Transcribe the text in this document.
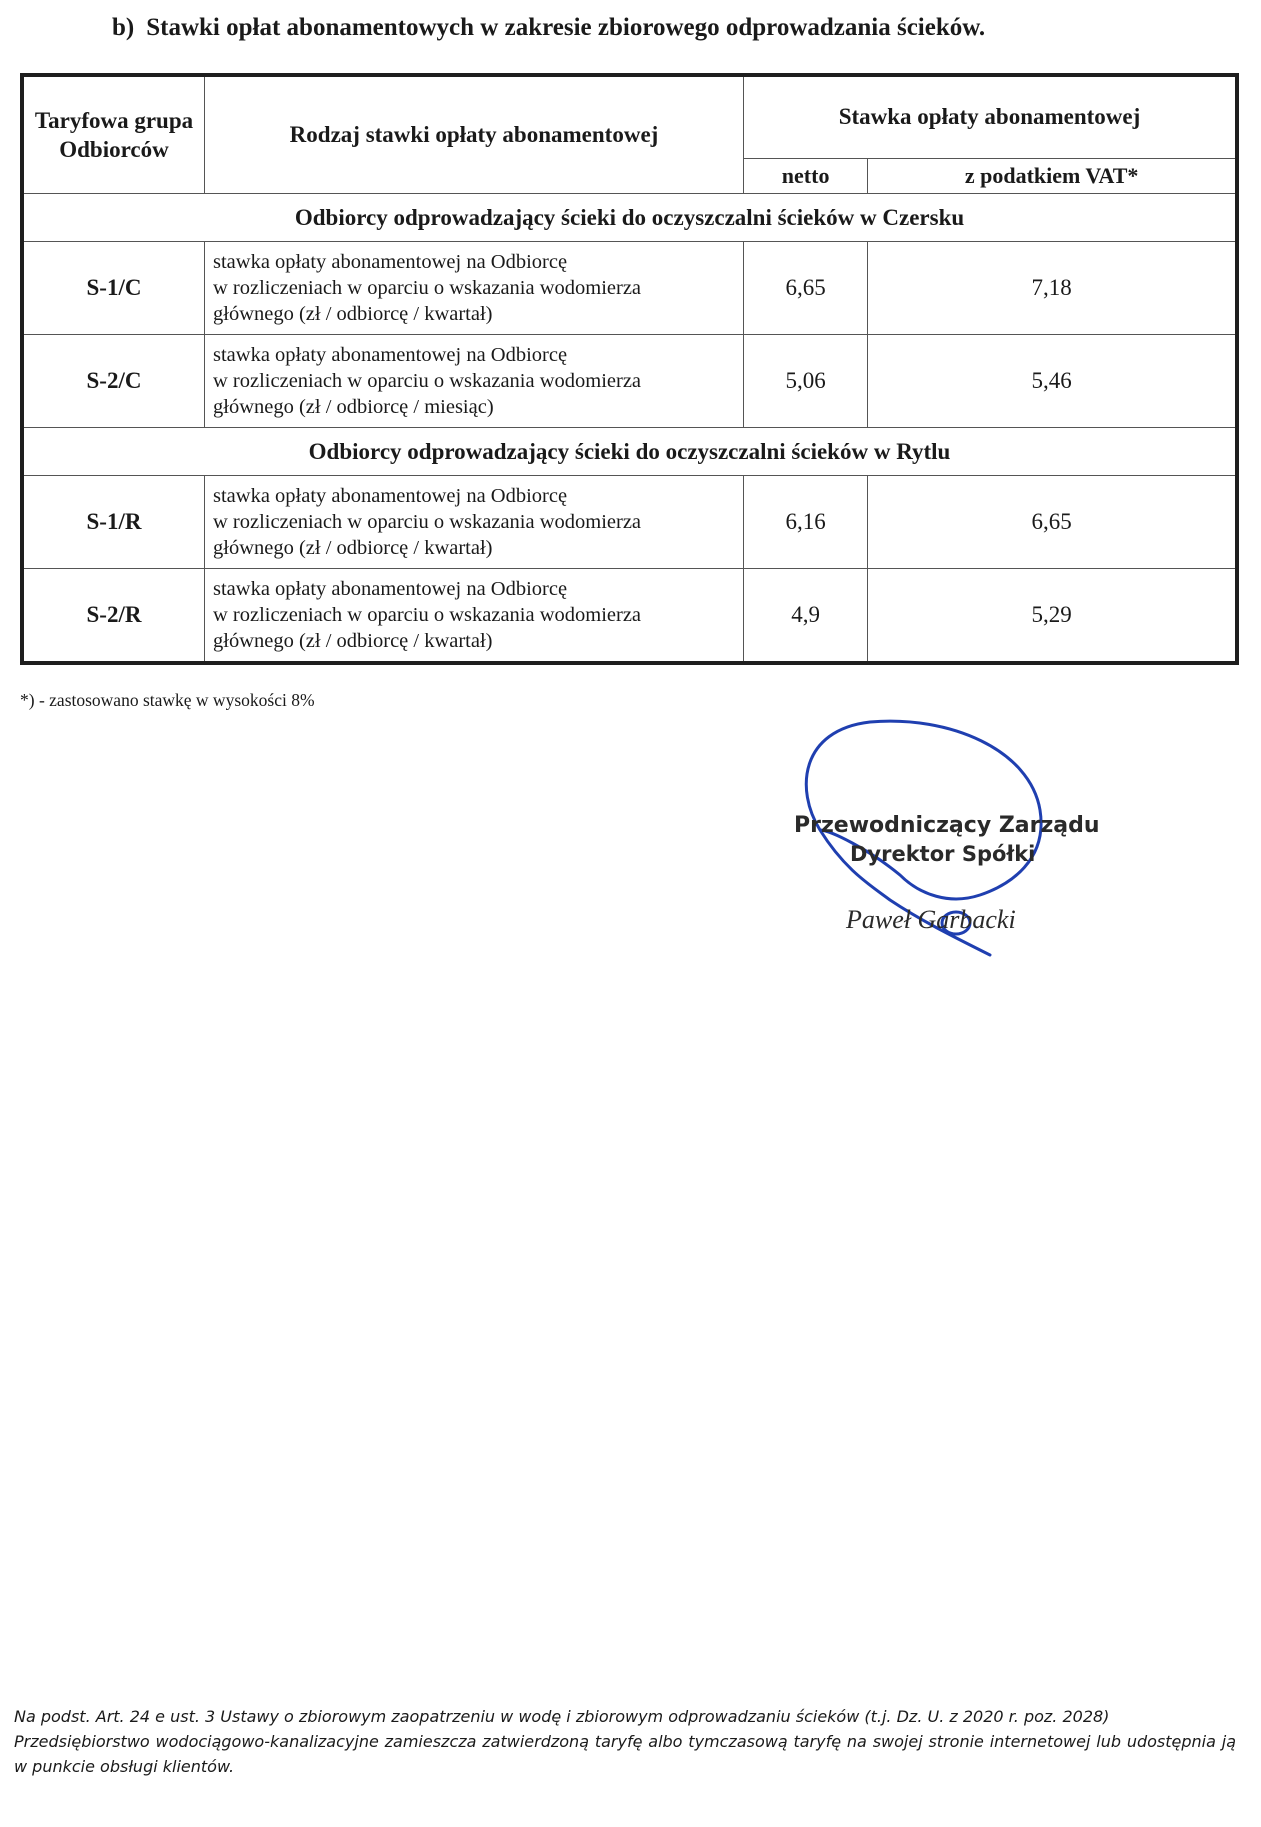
b) Stawki opłat abonamentowych w zakresie zbiorowego odprowadzania ścieków.
Taryfowa grupa Odbiorców	Rodzaj stawki opłaty abonamentowej	Stawka opłaty abonamentowej	
		netto	z podatkiem VAT*
Odbiorcy odprowadzający ścieki do oczyszczalni ścieków w Czersku			
S-1/C	stawka opłaty abonamentowej na Odbiorcę
w rozliczeniach w oparciu o wskazania wodomierza
głównego (zł / odbiorcę / kwartał)	6,65	7,18
S-2/C	stawka opłaty abonamentowej na Odbiorcę
w rozliczeniach w oparciu o wskazania wodomierza
głównego (zł / odbiorcę / miesiąc)	5,06	5,46
Odbiorcy odprowadzający ścieki do oczyszczalni ścieków w Rytlu			
S-1/R	stawka opłaty abonamentowej na Odbiorcę
w rozliczeniach w oparciu o wskazania wodomierza
głównego (zł / odbiorcę / kwartał)	6,16	6,65
S-2/R	stawka opłaty abonamentowej na Odbiorcę
w rozliczeniach w oparciu o wskazania wodomierza
głównego (zł / odbiorcę / kwartał)	4,9	5,29
*) - zastosowano stawkę w wysokości 8%
Przewodniczący Zarządu
Dyrektor Spółki
Paweł Garbacki
Na podst. Art. 24 e ust. 3 Ustawy o zbiorowym zaopatrzeniu w wodę i zbiorowym odprowadzaniu ścieków (t.j. Dz. U. z 2020 r. poz. 2028)
Przedsiębiorstwo wodociągowo-kanalizacyjne zamieszcza zatwierdzoną taryfę albo tymczasową taryfę na swojej stronie internetowej lub udostępnia ją w punkcie obsługi klientów.
